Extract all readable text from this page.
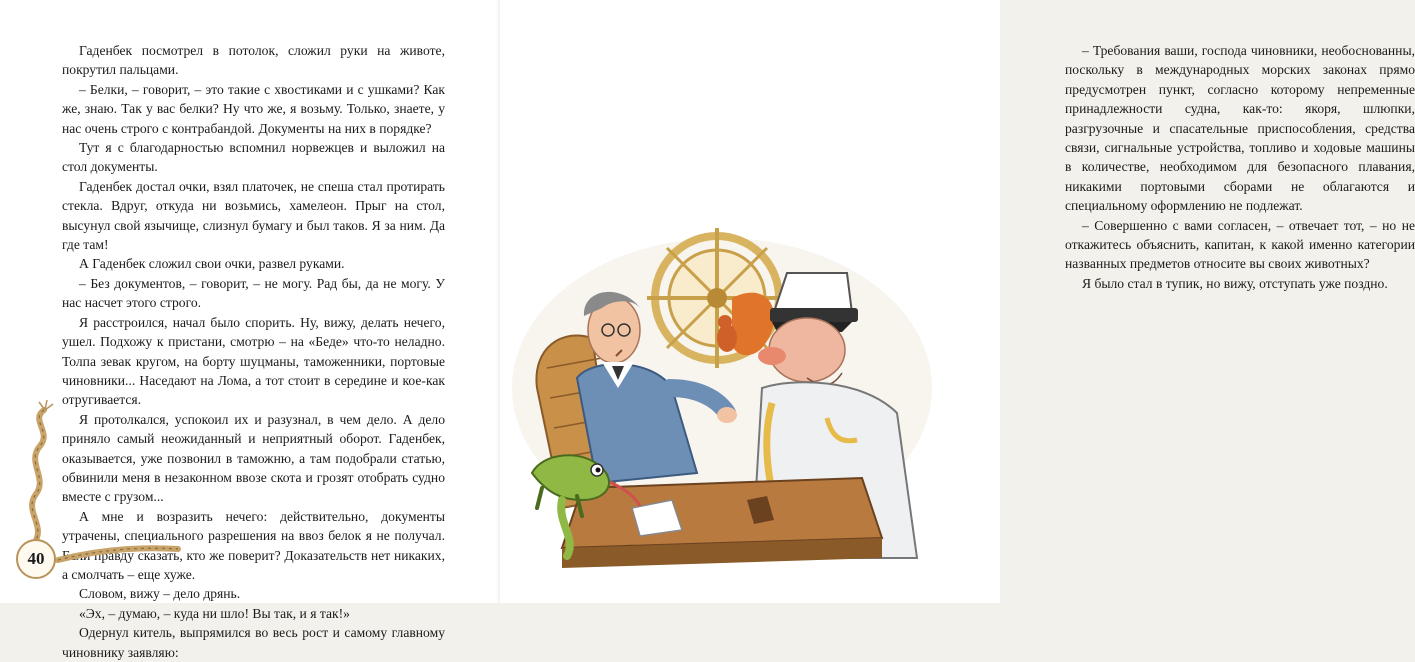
Гаденбек посмотрел в потолок, сложил руки на животе, покрутил пальцами.

– Белки, – говорит, – это такие с хвостиками и с ушками? Как же, знаю. Так у вас белки? Ну что же, я возьму. Только, знаете, у нас очень строго с контрабандой. Документы на них в порядке?

Тут я с благодарностью вспомнил норвежцев и выложил на стол документы.

Гаденбек достал очки, взял платочек, не спеша стал протирать стекла. Вдруг, откуда ни возьмись, хамелеон. Прыг на стол, высунул свой язычище, слизнул бумагу и был таков. Я за ним. Да где там!

А Гаденбек сложил свои очки, развел руками.

– Без документов, – говорит, – не могу. Рад бы, да не могу. У нас насчет этого строго.

Я расстроился, начал было спорить. Ну, вижу, делать нечего, ушел. Подхожу к пристани, смотрю – на «Беде» что-то неладно. Толпа зевак кругом, на борту шуцманы, таможенники, портовые чиновники... Наседают на Лома, а тот стоит в середине и кое-как отругивается.

Я протолкался, успокоил их и разузнал, в чем дело. А дело приняло самый неожиданный и неприятный оборот. Гаденбек, оказывается, уже позвонил в таможню, а там подобрали статью, обвинили меня в незаконном ввозе скота и грозят отобрать судно вместе с грузом...

А мне и возразить нечего: действительно, документы утрачены, специального разрешения на ввоз белок я не получал. Если правду сказать, кто же поверит? Доказательств нет никаких, а смолчать – еще хуже.

Словом, вижу – дело дрянь.

«Эх, – думаю, – куда ни шло! Вы так, и я так!»

Одернул китель, выпрямился во весь рост и самому главному чиновнику заявляю:

40

– Требования ваши, господа чиновники, необоснованны, поскольку в международных морских законах прямо предусмотрен пункт, согласно которому непременные принадлежности судна, как-то: якоря, шлюпки, разгрузочные и спасательные приспособления, средства связи, сигнальные устройства, топливо и ходовые машины в количестве, необходимом для безопасного плавания, никакими портовыми сборами не облагаются и специальному оформлению не подлежат.

– Совершенно с вами согласен, – отвечает тот, – но не откажитесь объяснить, капитан, к какой именно категории названных предметов относите вы своих животных?

Я было стал в тупик, но вижу, отступать уже поздно.
